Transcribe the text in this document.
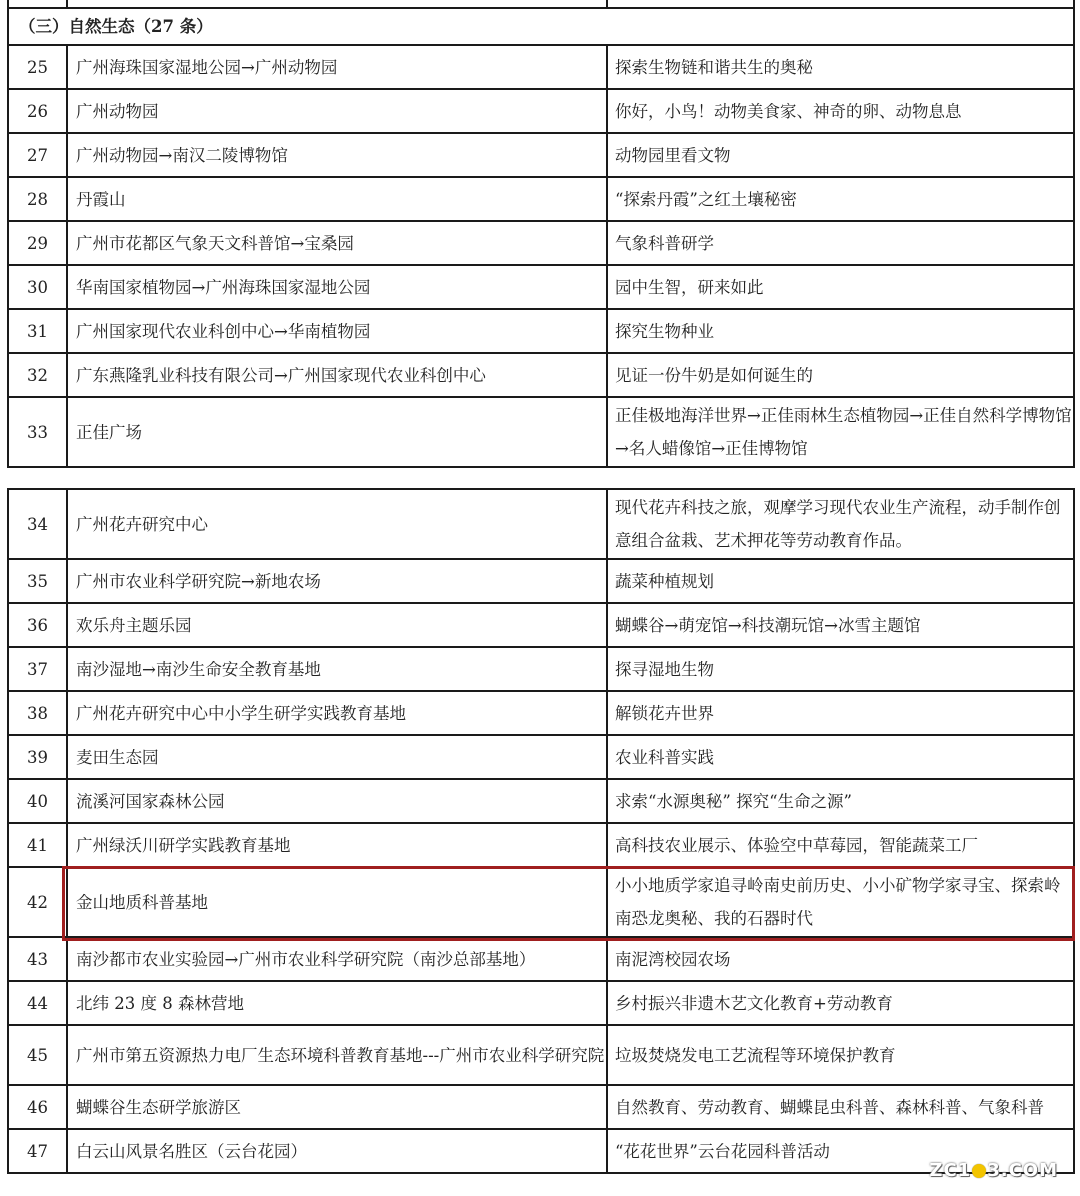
（三）自然生态（27 条）		
25	广州海珠国家湿地公园→广州动物园	探索生物链和谐共生的奥秘
26	广州动物园	你好，小鸟！动物美食家、神奇的卵、动物息息
27	广州动物园→南汉二陵博物馆	动物园里看文物
28	丹霞山	“探索丹霞”之红土壤秘密
29	广州市花都区气象天文科普馆→宝桑园	气象科普研学
30	华南国家植物园→广州海珠国家湿地公园	园中生智，研来如此
31	广州国家现代农业科创中心→华南植物园	探究生物种业
32	广东燕隆乳业科技有限公司→广州国家现代农业科创中心	见证一份牛奶是如何诞生的
33	正佳广场	正佳极地海洋世界→正佳雨林生态植物园→正佳自然科学博物馆→名人蜡像馆→正佳博物馆
34	广州花卉研究中心	现代花卉科技之旅，观摩学习现代农业生产流程，动手制作创意组合盆栽、艺术押花等劳动教育作品。
35	广州市农业科学研究院→新地农场	蔬菜种植规划
36	欢乐舟主题乐园	蝴蝶谷→萌宠馆→科技潮玩馆→冰雪主题馆
37	南沙湿地→南沙生命安全教育基地	探寻湿地生物
38	广州花卉研究中心中小学生研学实践教育基地	解锁花卉世界
39	麦田生态园	农业科普实践
40	流溪河国家森林公园	求索“水源奥秘” 探究“生命之源”
41	广州绿沃川研学实践教育基地	高科技农业展示、体验空中草莓园，智能蔬菜工厂
42	金山地质科普基地	小小地质学家追寻岭南史前历史、小小矿物学家寻宝、探索岭南恐龙奥秘、我的石器时代
43	南沙都市农业实验园→广州市农业科学研究院（南沙总部基地）	南泥湾校园农场
44	北纬 23 度 8 森林营地	乡村振兴非遗木艺文化教育+劳动教育
45	广州市第五资源热力电厂生态环境科普教育基地---广州市农业科学研究院	垃圾焚烧发电工艺流程等环境保护教育
46	蝴蝶谷生态研学旅游区	自然教育、劳动教育、蝴蝶昆虫科普、森林科普、气象科普
47	白云山风景名胜区（云台花园）	“花花世界”云台花园科普活动
ZC1 3.COM
